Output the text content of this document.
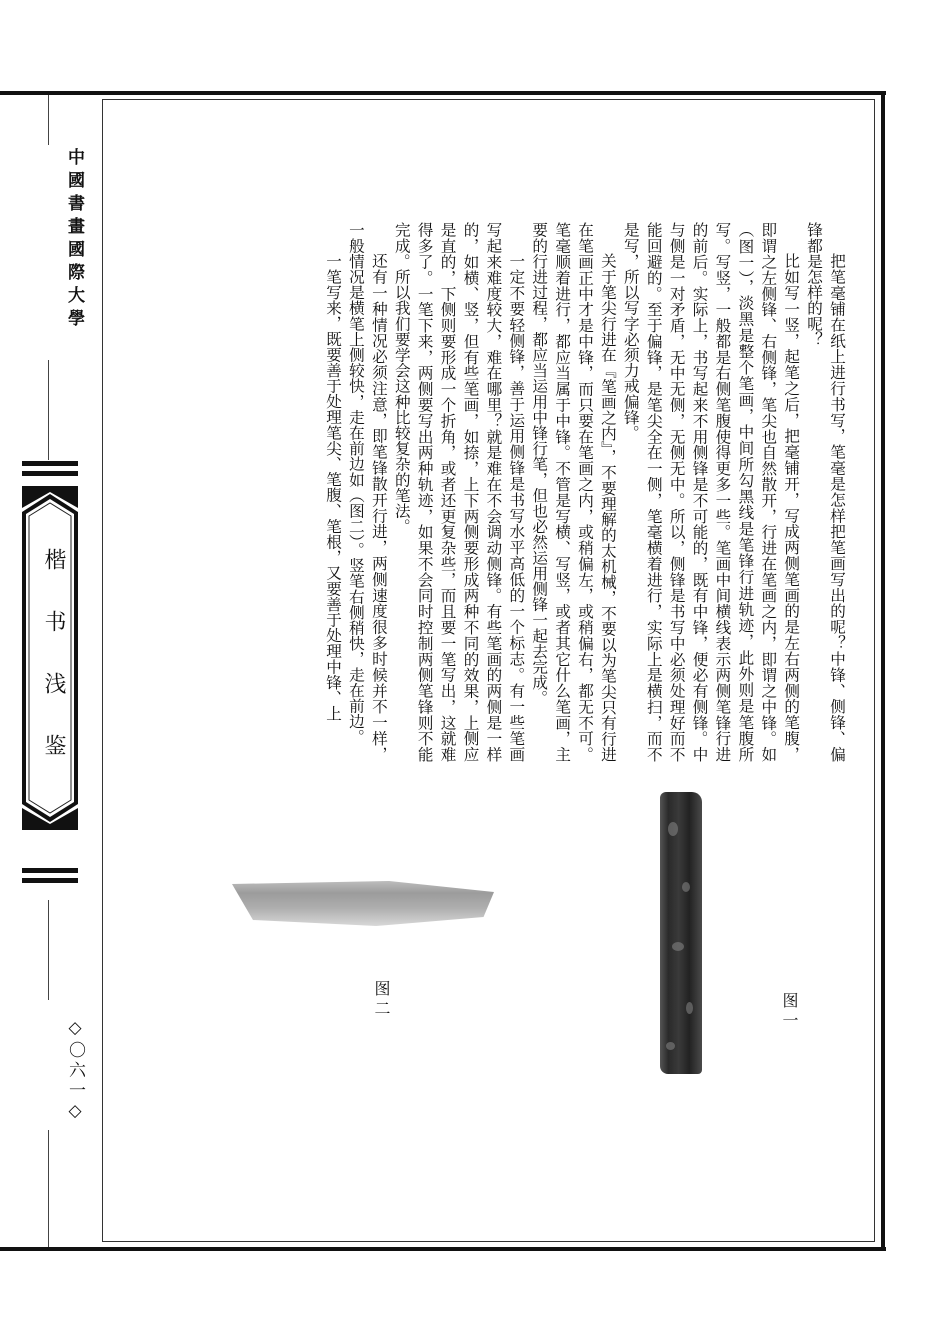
中國書畫國際大學
楷书浅鉴
◇〇六一◇

把笔毫铺在纸上进行书写，笔毫是怎样把笔画写出的呢？中锋、侧锋、偏锋都是怎样的呢？

比如写一竖，起笔之后，把毫铺开，写成两侧笔画的是左右两侧的笔腹，即谓之左侧锋、右侧锋，笔尖也自然散开，行进在笔画之内，即谓之中锋。如（图一），淡黑是整个笔画，中间所勾黑线是笔锋行进轨迹，此外则是笔腹所写。写竖，一般都是右侧笔腹使得更多一些。笔画中间横线表示两侧笔锋行进的前后。实际上，书写起来不用侧锋是不可能的，既有中锋，便必有侧锋。中与侧是一对矛盾，无中无侧，无侧无中。所以，侧锋是书写中必须处理好而不能回避的。至于偏锋，是笔尖全在一侧，笔毫横着进行，实际上是横扫，而不是写，所以写字必须力戒偏锋。

关于笔尖行进在『笔画之内』，不要理解的太机械，不要以为笔尖只有行进在笔画正中才是中锋，而只要在笔画之内，或稍偏左，或稍偏右，都无不可。笔毫顺着进行，都应当属于中锋。不管是写横、写竖，或者其它什么笔画，主要的行进过程，都应当运用中锋行笔，但也必然运用侧锋一起去完成。

一定不要轻侧锋，善于运用侧锋是书写水平高低的一个标志。有一些笔画写起来难度较大，难在哪里？就是难在不会调动侧锋。有些笔画的两侧是一样的，如横、竖，但有些笔画，如捺，上下两侧要形成两种不同的效果，上侧应是直的，下侧则要形成一个折角，或者还更复杂些，而且要一笔写出，这就难得多了。一笔下来，两侧要写出两种轨迹，如果不会同时控制两侧笔锋则不能完成。所以我们要学会这种比较复杂的笔法。

还有一种情况必须注意，即笔锋散开行进，两侧速度很多时候并不一样，一般情况是横笔上侧较快，走在前边如（图二）。竖笔右侧稍快，走在前边。

一笔写来，既要善于处理笔尖、笔腹、笔根，又要善于处理中锋、上

图一
图二
